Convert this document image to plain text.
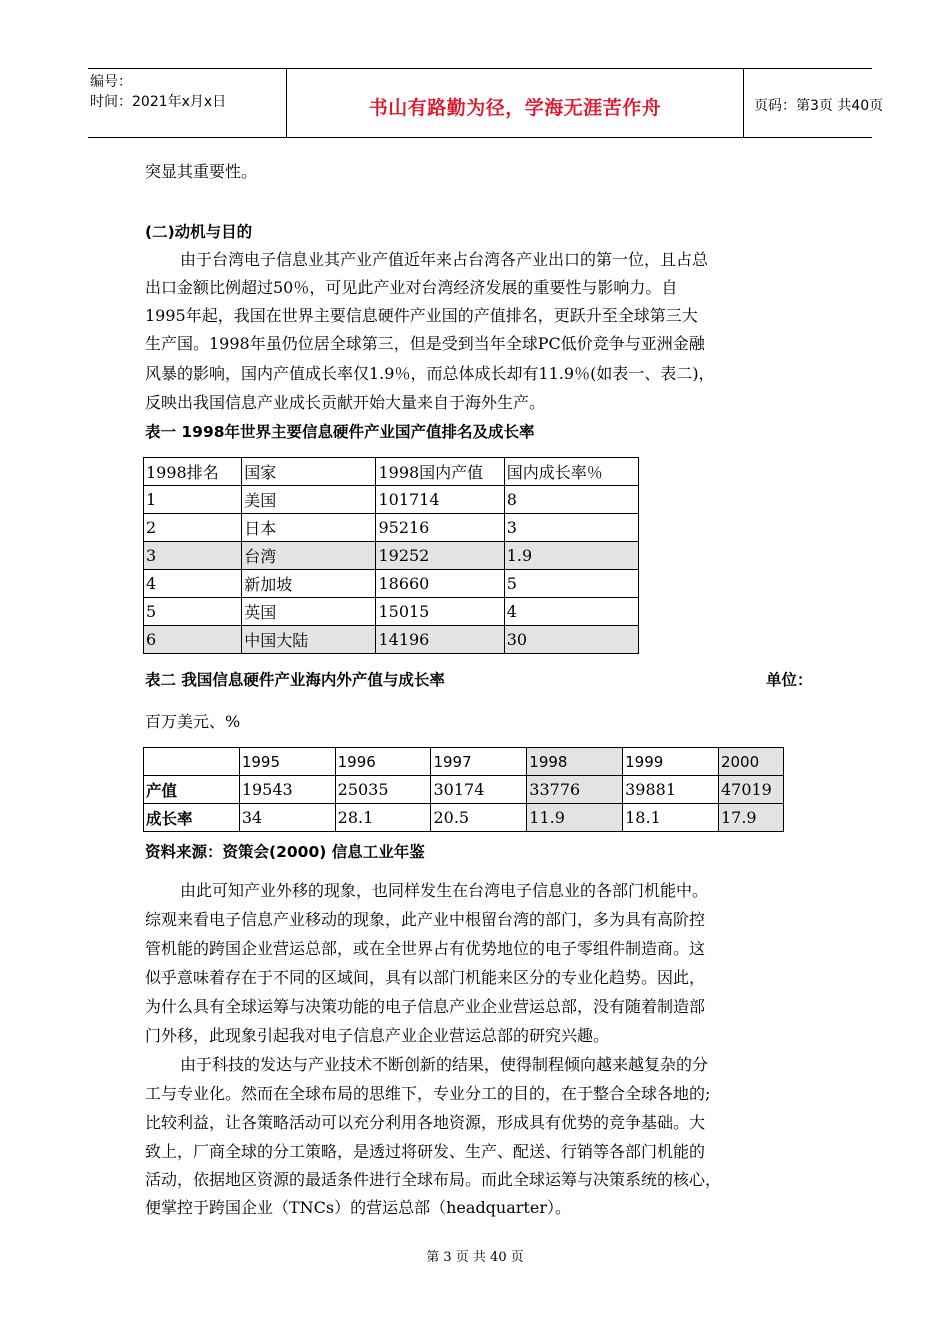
编号：
时间：2021年x月x日	书山有路勤为径，学海无涯苦作舟	页码：第3页 共40页
突显其重要性。
(二)动机与目的
由于台湾电子信息业其产业产值近年来占台湾各产业出口的第一位，且占总
出口金额比例超过50％，可见此产业对台湾经济发展的重要性与影响力。自
1995年起，我国在世界主要信息硬件产业国的产值排名，更跃升至全球第三大
生产国。1998年虽仍位居全球第三，但是受到当年全球PC低价竞争与亚洲金融
风暴的影响，国内产值成长率仅1.9％，而总体成长却有11.9％(如表一、表二)，
反映出我国信息产业成长贡献开始大量来自于海外生产。
表一 1998年世界主要信息硬件产业国产值排名及成长率
1998排名	国家	1998国内产值	国内成长率％
1	美国	101714	8
2	日本	95216	3
3	台湾	19252	1.9
4	新加坡	18660	5
5	英国	15015	4
6	中国大陆	14196	30
表二 我国信息硬件产业海内外产值与成长率	单位：
百万美元、%
	1995	1996	1997	1998	1999	2000
产值	19543	25035	30174	33776	39881	47019
成长率	34	28.1	20.5	11.9	18.1	17.9
资料来源：资策会(2000) 信息工业年鉴
由此可知产业外移的现象，也同样发生在台湾电子信息业的各部门机能中。
综观来看电子信息产业移动的现象，此产业中根留台湾的部门，多为具有高阶控
管机能的跨国企业营运总部，或在全世界占有优势地位的电子零组件制造商。这
似乎意味着存在于不同的区域间，具有以部门机能来区分的专业化趋势。因此，
为什么具有全球运筹与决策功能的电子信息产业企业营运总部，没有随着制造部
门外移，此现象引起我对电子信息产业企业营运总部的研究兴趣。
由于科技的发达与产业技术不断创新的结果，使得制程倾向越来越复杂的分
工与专业化。然而在全球布局的思维下，专业分工的目的，在于整合全球各地的;
比较利益，让各策略活动可以充分利用各地资源，形成具有优势的竞争基础。大
致上，厂商全球的分工策略，是透过将研发、生产、配送、行销等各部门机能的
活动，依据地区资源的最适条件进行全球布局。而此全球运筹与决策系统的核心，
便掌控于跨国企业（TNCs）的营运总部（headquarter）。
第 3 页 共 40 页
